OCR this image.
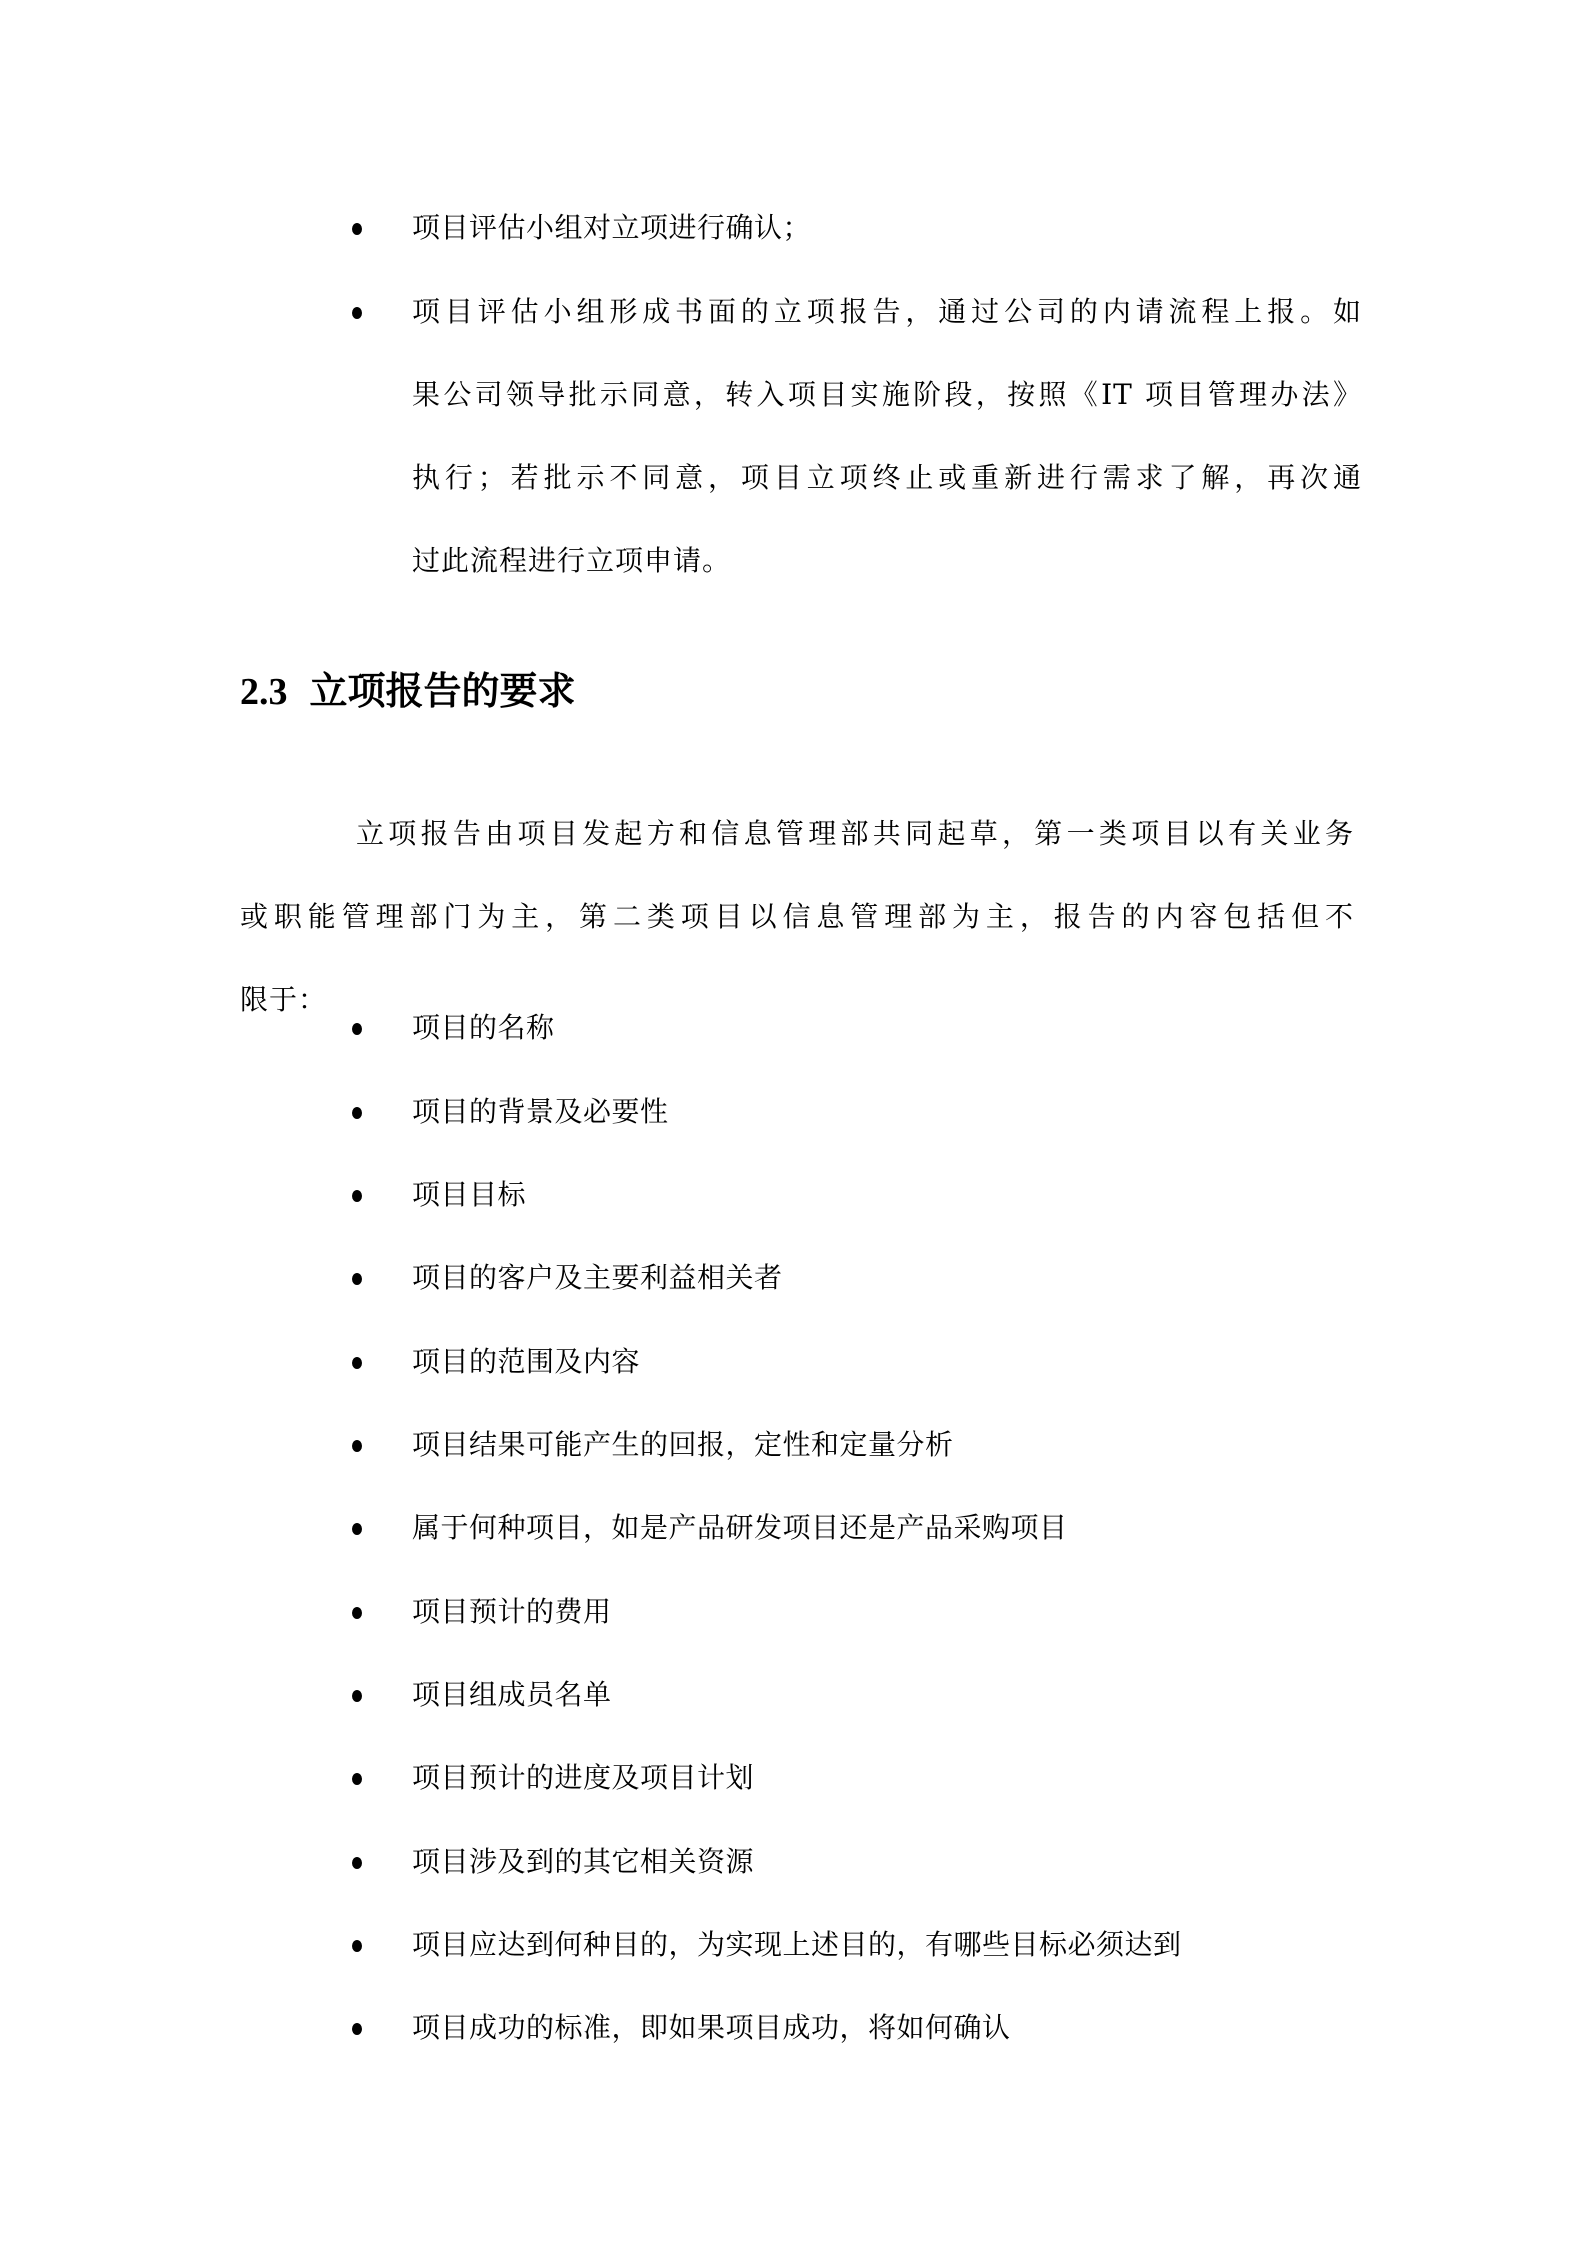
项目评估小组对立项进行确认；
项目评估小组形成书面的立项报告，通过公司的内请流程上报。如
果公司领导批示同意，转入项目实施阶段，按照《IT 项目管理办法》
执行；若批示不同意，项目立项终止或重新进行需求了解，再次通
过此流程进行立项申请。
2.3 立项报告的要求
立项报告由项目发起方和信息管理部共同起草，第一类项目以有关业务
或职能管理部门为主，第二类项目以信息管理部为主，报告的内容包括但不
限于：
项目的名称
项目的背景及必要性
项目目标
项目的客户及主要利益相关者
项目的范围及内容
项目结果可能产生的回报，定性和定量分析
属于何种项目，如是产品研发项目还是产品采购项目
项目预计的费用
项目组成员名单
项目预计的进度及项目计划
项目涉及到的其它相关资源
项目应达到何种目的，为实现上述目的，有哪些目标必须达到
项目成功的标准，即如果项目成功，将如何确认
